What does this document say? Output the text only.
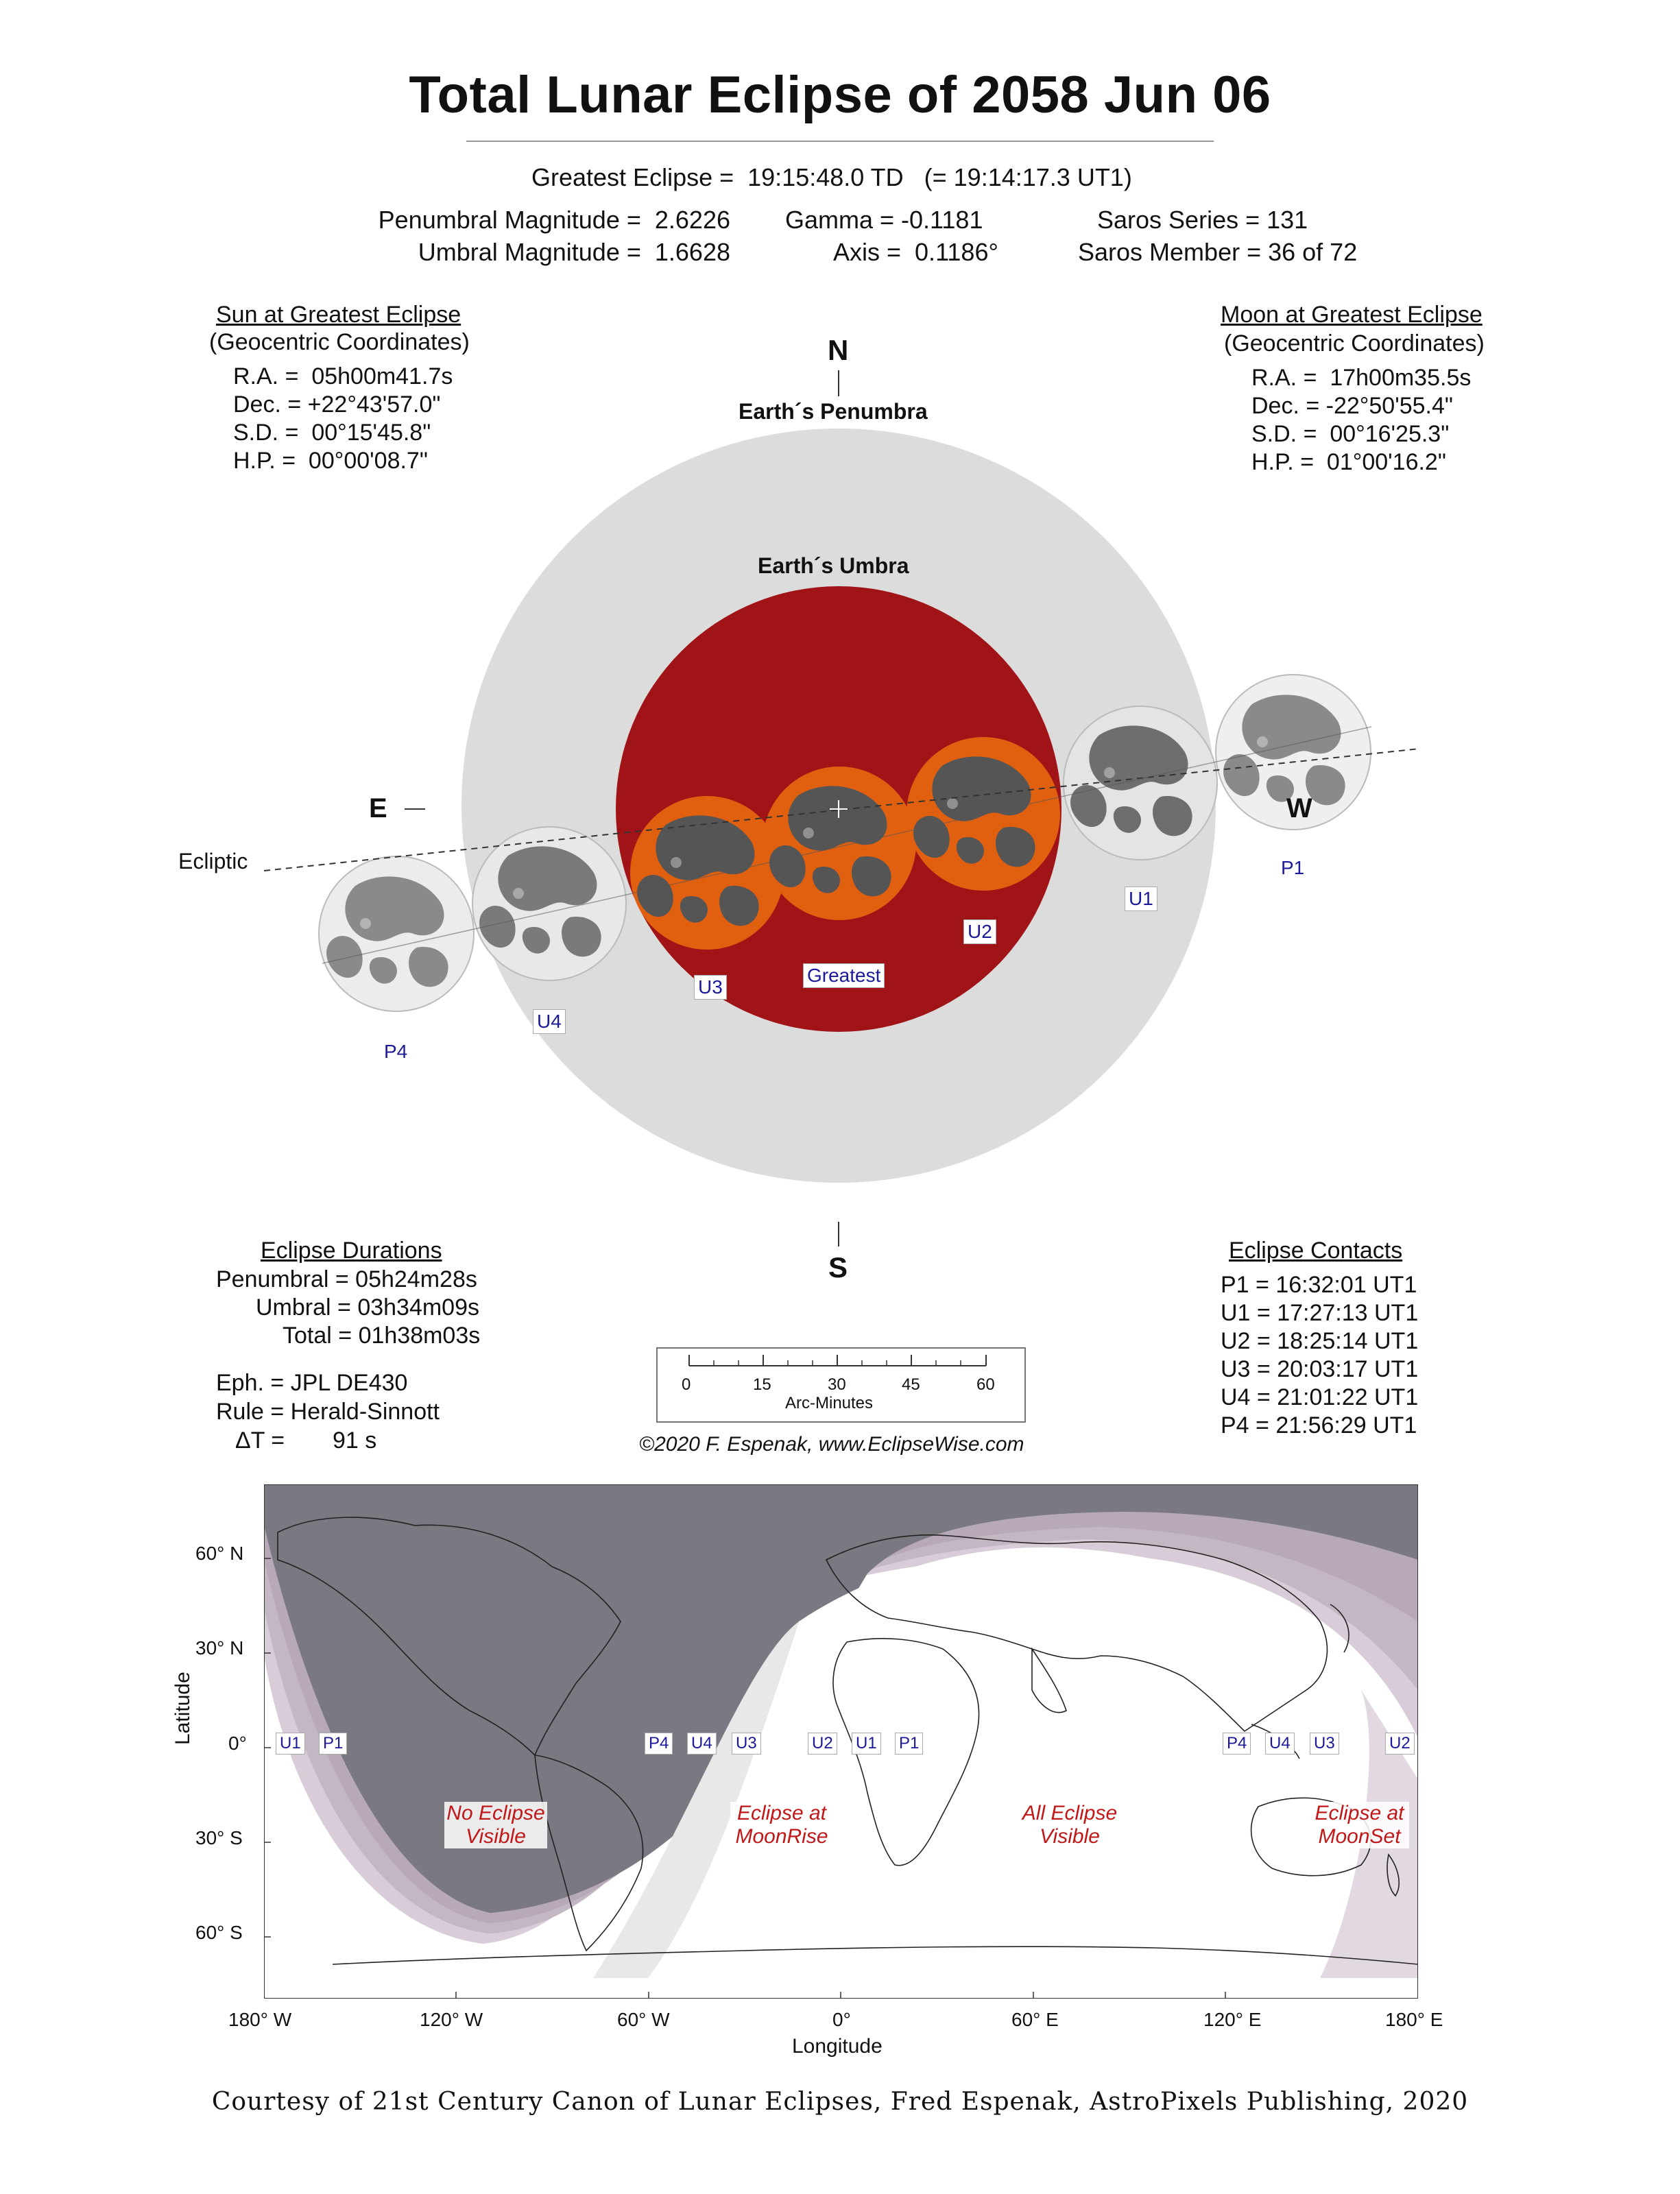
Total Lunar Eclipse of 2058 Jun 06
Greatest Eclipse =  19:15:48.0 TD   (= 19:14:17.3 UT1)
Penumbral Magnitude =  2.6226
Umbral Magnitude =  1.6628
Gamma = -0.1181
Axis =  0.1186°
Saros Series = 131
Saros Member = 36 of 72
Sun at Greatest Eclipse
(Geocentric Coordinates)
R.A. =  05h00m41.7s
Dec. = +22°43'57.0"
S.D. =  00°15'45.8"
H.P. =  00°00'08.7"
Moon at Greatest Eclipse
(Geocentric Coordinates)
R.A. =  17h00m35.5s
Dec. = -22°50'55.4"
S.D. =  00°16'25.3"
H.P. =  01°00'16.2"
N
Earth´s Penumbra
Earth´s Umbra
E	W
Ecliptic
S
P1
U1
U2
Greatest
U3
U4
P4
Eclipse Durations
Penumbral = 05h24m28s
Umbral = 03h34m09s
Total = 01h38m03s
Eph. = JPL DE430
Rule = Herald-Sinnott
ΔT = 91 s
0	15	30	45	60
Arc-Minutes
©2020 F. Espenak, www.EclipseWise.com
Eclipse Contacts
P1 = 16:32:01 UT1
U1 = 17:27:13 UT1
U2 = 18:25:14 UT1
U3 = 20:03:17 UT1
U4 = 21:01:22 UT1
P4 = 21:56:29 UT1
U1 P1	P4 U4 U3	U2 U1 P1	P4 U4 U3	U2
No Eclipse
Visible
Eclipse at
MoonRise
All Eclipse
Visible
Eclipse at
MoonSet
60° N
30° N
0°
30° S
60° S
Latitude
180° W	120° W	60° W	0°	60° E	120° E	180° E
Longitude
Courtesy of 21st Century Canon of Lunar Eclipses, Fred Espenak, AstroPixels Publishing, 2020
